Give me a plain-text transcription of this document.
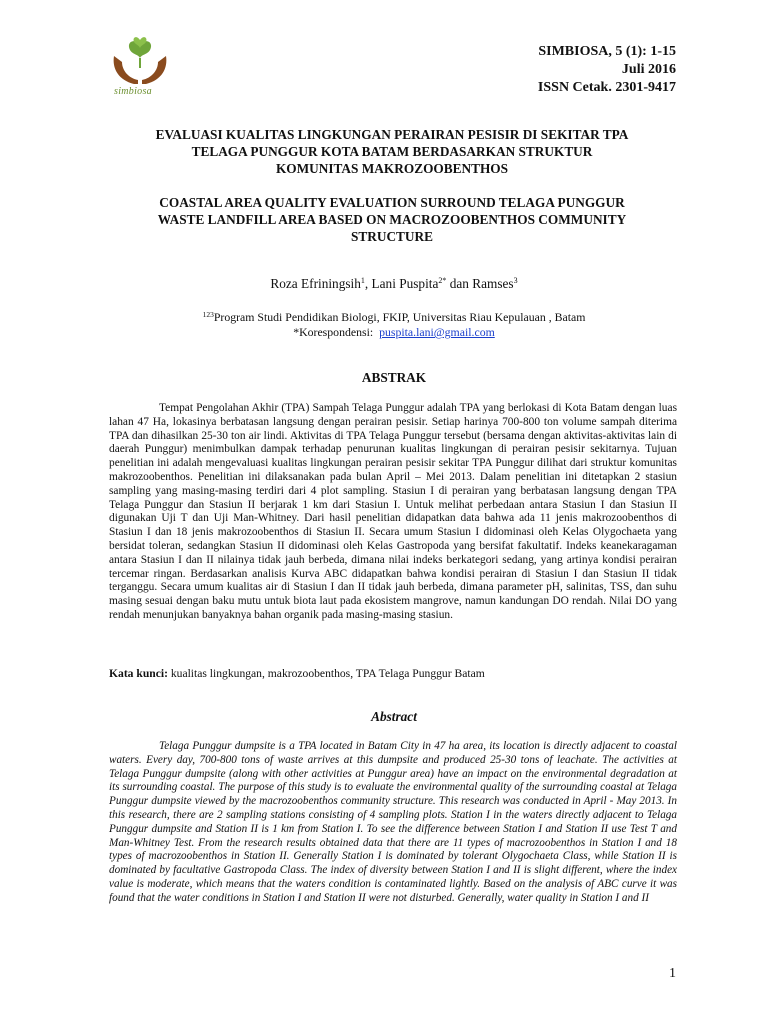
simbiosa
SIMBIOSA, 5 (1): 1-15
Juli 2016
ISSN Cetak. 2301-9417
EVALUASI KUALITAS LINGKUNGAN PERAIRAN PESISIR DI SEKITAR TPA
TELAGA PUNGGUR KOTA BATAM BERDASARKAN STRUKTUR
KOMUNITAS MAKROZOOBENTHOS
COASTAL AREA QUALITY EVALUATION SURROUND TELAGA PUNGGUR
WASTE LANDFILL AREA BASED ON MACROZOOBENTHOS COMMUNITY
STRUCTURE
Roza Efriningsih$^1$, Lani Puspita$^{2*}$ dan Ramses$^3$
$^{123}$Program Studi Pendidikan Biologi, FKIP, Universitas Riau Kepulauan , Batam
*Korespondensi: puspita.lani@gmail.com
ABSTRAK

Tempat Pengolahan Akhir (TPA) Sampah Telaga Punggur adalah TPA yang berlokasi di Kota Batam dengan luas lahan 47 Ha, lokasinya berbatasan langsung dengan perairan pesisir. Setiap harinya 700-800 ton volume sampah diterima TPA dan dihasilkan 25-30 ton air lindi. Aktivitas di TPA Telaga Punggur tersebut (bersama dengan aktivitas-aktivitas lain di daerah Punggur) menimbulkan dampak terhadap penurunan kualitas lingkungan di perairan pesisir sekitarnya. Tujuan penelitian ini adalah mengevaluasi kualitas lingkungan perairan pesisir sekitar TPA Punggur dilihat dari struktur komunitas makrozoobenthos. Penelitian ini dilaksanakan pada bulan April – Mei 2013. Dalam penelitian ini ditetapkan 2 stasiun sampling yang masing-masing terdiri dari 4 plot sampling. Stasiun I di perairan yang berbatasan langsung dengan TPA Telaga Punggur dan Stasiun II berjarak 1 km dari Stasiun I. Untuk melihat perbedaan antara Stasiun I dan Stasiun II digunakan Uji T dan Uji Man-Whitney. Dari hasil penelitian didapatkan data bahwa ada 11 jenis makrozoobenthos di Stasiun I dan 18 jenis makrozoobenthos di Stasiun II. Secara umum Stasiun I didominasi oleh Kelas Olygochaeta yang bersidat toleran, sedangkan Stasiun II didominasi oleh Kelas Gastropoda yang bersifat fakultatif. Indeks keanekaragaman antara Stasiun I dan II nilainya tidak jauh berbeda, dimana nilai indeks berkategori sedang, yang artinya kondisi perairan tercemar ringan. Berdasarkan analisis Kurva ABC didapatkan bahwa kondisi perairan di Stasiun I dan Stasiun II tidak terganggu. Secara umum kualitas air di Stasiun I dan II tidak jauh berbeda, dimana parameter pH, salinitas, TSS, dan suhu masing sesuai dengan baku mutu untuk biota laut pada ekosistem mangrove, namun kandungan DO rendah. Nilai DO yang rendah menunjukan banyaknya bahan organik pada masing-masing stasiun.

Kata kunci: kualitas lingkungan, makrozoobenthos, TPA Telaga Punggur Batam
Abstract

Telaga Punggur dumpsite is a TPA located in Batam City in 47 ha area, its location is directly adjacent to coastal waters. Every day, 700-800 tons of waste arrives at this dumpsite and produced 25-30 tons of leachate. The activities at Telaga Punggur dumpsite (along with other activities at Punggur area) have an impact on the environmental degradation at its surrounding coastal. The purpose of this study is to evaluate the environmental quality of the surrounding coastal at Telaga Punggur dumpsite viewed by the macrozoobenthos community structure. This research was conducted in April - May 2013. In this research, there are 2 sampling stations consisting of 4 sampling plots. Station I in the waters directly adjacent to Telaga Punggur dumpsite and Station II is 1 km from Station I. To see the difference between Station I and Station II use Test T and Man-Whitney Test. From the research results obtained data that there are 11 types of macrozoobenthos in Station I and 18 types of macrozoobenthos in Station II. Generally Station I is dominated by tolerant Olygochaeta Class, while Station II is dominated by facultative Gastropoda Class. The index of diversity between Station I and II is slight different, where the index value is moderate, which means that the waters condition is contaminated lightly. Based on the analysis of ABC curve it was found that the water conditions in Station I and Station II were not disturbed. Generally, water quality in Station I and II

1
